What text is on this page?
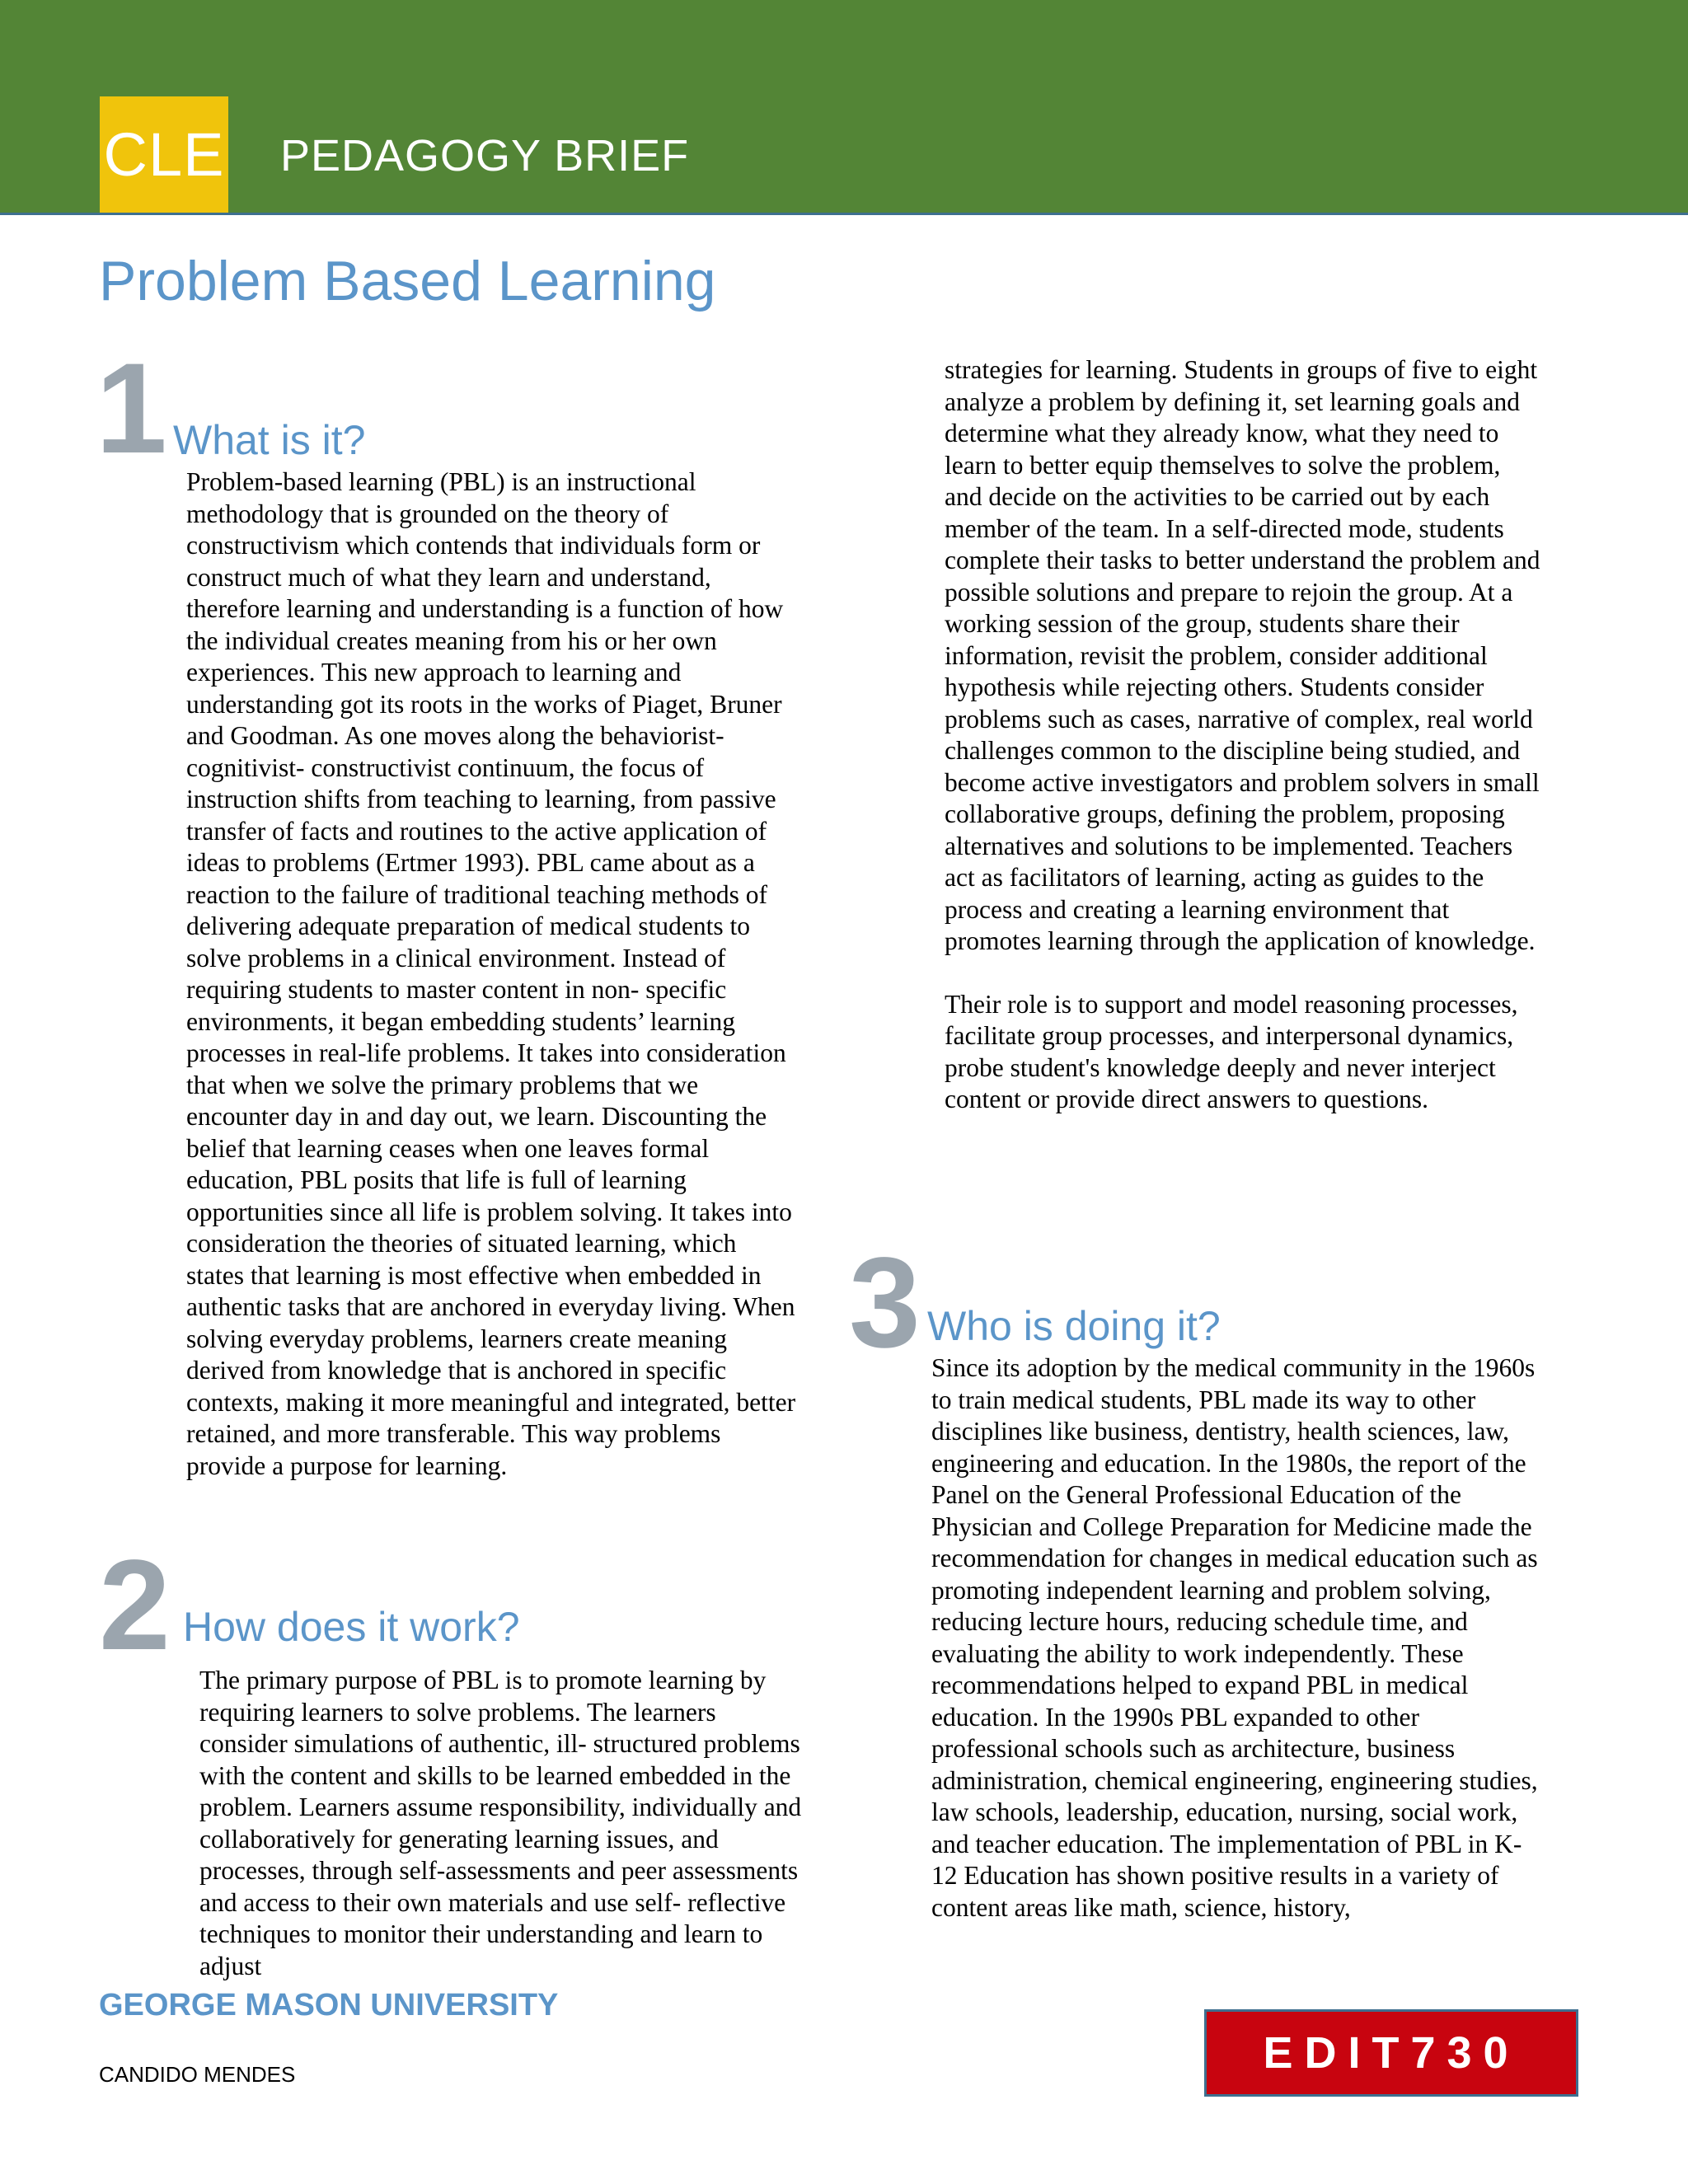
CLE PEDAGOGY BRIEF
Problem Based Learning
1 What is it?

Problem-based learning (PBL) is an instructional methodology that is grounded on the theory of constructivism which contends that individuals form or construct much of what they learn and understand, therefore learning and understanding is a function of how the individual creates meaning from his or her own experiences. This new approach to learning and understanding got its roots in the works of Piaget, Bruner and Goodman. As one moves along the behaviorist-cognitivist- constructivist continuum, the focus of instruction shifts from teaching to learning, from passive transfer of facts and routines to the active application of ideas to problems (Ertmer 1993). PBL came about as a reaction to the failure of traditional teaching methods of delivering adequate preparation of medical students to solve problems in a clinical environment. Instead of requiring students to master content in non- specific environments, it began embedding students’ learning processes in real-life problems. It takes into consideration that when we solve the primary problems that we encounter day in and day out, we learn. Discounting the belief that learning ceases when one leaves formal education, PBL posits that life is full of learning opportunities since all life is problem solving. It takes into consideration the theories of situated learning, which states that learning is most effective when embedded in authentic tasks that are anchored in everyday living. When solving everyday problems, learners create meaning derived from knowledge that is anchored in specific contexts, making it more meaningful and integrated, better retained, and more transferable. This way problems provide a purpose for learning.

2 How does it work?

The primary purpose of PBL is to promote learning by requiring learners to solve problems. The learners consider simulations of authentic, ill- structured problems with the content and skills to be learned embedded in the problem. Learners assume responsibility, individually and collaboratively for generating learning issues, and processes, through self-assessments and peer assessments and access to their own materials and use self- reflective techniques to monitor their understanding and learn to adjust

strategies for learning. Students in groups of five to eight analyze a problem by defining it, set learning goals and determine what they already know, what they need to learn to better equip themselves to solve the problem, and decide on the activities to be carried out by each member of the team. In a self-directed mode, students complete their tasks to better understand the problem and possible solutions and prepare to rejoin the group. At a working session of the group, students share their information, revisit the problem, consider additional hypothesis while rejecting others. Students consider problems such as cases, narrative of complex, real world challenges common to the discipline being studied, and become active investigators and problem solvers in small collaborative groups, defining the problem, proposing alternatives and solutions to be implemented. Teachers act as facilitators of learning, acting as guides to the process and creating a learning environment that promotes learning through the application of knowledge.

Their role is to support and model reasoning processes, facilitate group processes, and interpersonal dynamics, probe student's knowledge deeply and never interject content or provide direct answers to questions.

3 Who is doing it?

Since its adoption by the medical community in the 1960s to train medical students, PBL made its way to other disciplines like business, dentistry, health sciences, law, engineering and education. In the 1980s, the report of the Panel on the General Professional Education of the Physician and College Preparation for Medicine made the recommendation for changes in medical education such as promoting independent learning and problem solving, reducing lecture hours, reducing schedule time, and evaluating the ability to work independently. These recommendations helped to expand PBL in medical education. In the 1990s PBL expanded to other professional schools such as architecture, business administration, chemical engineering, engineering studies, law schools, leadership, education, nursing, social work, and teacher education. The implementation of PBL in K-12 Education has shown positive results in a variety of content areas like math, science, history,

GEORGE MASON UNIVERSITY
CANDIDO MENDES	EDIT730
